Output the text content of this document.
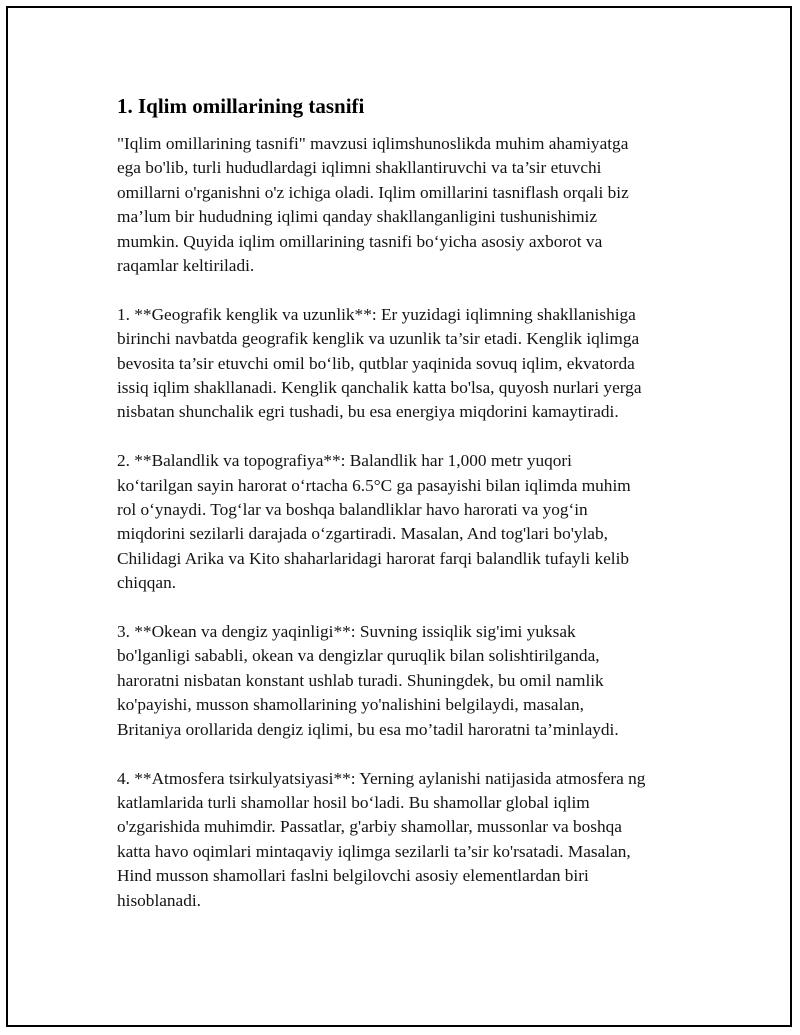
1. Iqlim omillarining tasnifi

"Iqlim omillarining tasnifi" mavzusi iqlimshunoslikda muhim ahamiyatga
ega bo'lib, turli hududlardagi iqlimni shakllantiruvchi va ta’sir etuvchi
omillarni o'rganishni o'z ichiga oladi. Iqlim omillarini tasniflash orqali biz
ma’lum bir hududning iqlimi qanday shakllanganligini tushunishimiz
mumkin. Quyida iqlim omillarining tasnifi bo‘yicha asosiy axborot va
raqamlar keltiriladi.

1. **Geografik kenglik va uzunlik**: Er yuzidagi iqlimning shakllanishiga
birinchi navbatda geografik kenglik va uzunlik ta’sir etadi. Kenglik iqlimga
bevosita ta’sir etuvchi omil bo‘lib, qutblar yaqinida sovuq iqlim, ekvatorda
issiq iqlim shakllanadi. Kenglik qanchalik katta bo'lsa, quyosh nurlari yerga
nisbatan shunchalik egri tushadi, bu esa energiya miqdorini kamaytiradi.

2. **Balandlik va topografiya**: Balandlik har 1,000 metr yuqori
ko‘tarilgan sayin harorat o‘rtacha 6.5°C ga pasayishi bilan iqlimda muhim
rol o‘ynaydi. Tog‘lar va boshqa balandliklar havo harorati va yog‘in
miqdorini sezilarli darajada o‘zgartiradi. Masalan, And tog'lari bo'ylab,
Chilidagi Arika va Kito shaharlaridagi harorat farqi balandlik tufayli kelib
chiqqan.

3. **Okean va dengiz yaqinligi**: Suvning issiqlik sig'imi yuksak
bo'lganligi sababli, okean va dengizlar quruqlik bilan solishtirilganda,
haroratni nisbatan konstant ushlab turadi. Shuningdek, bu omil namlik
ko'payishi, musson shamollarining yo'nalishini belgilaydi, masalan,
Britaniya orollarida dengiz iqlimi, bu esa mo’tadil haroratni ta’minlaydi.

4. **Atmosfera tsirkulyatsiyasi**: Yerning aylanishi natijasida atmosfera ng
katlamlarida turli shamollar hosil bo‘ladi. Bu shamollar global iqlim
o'zgarishida muhimdir. Passatlar, g'arbiy shamollar, mussonlar va boshqa
katta havo oqimlari mintaqaviy iqlimga sezilarli ta’sir ko'rsatadi. Masalan,
Hind musson shamollari faslni belgilovchi asosiy elementlardan biri
hisoblanadi.
